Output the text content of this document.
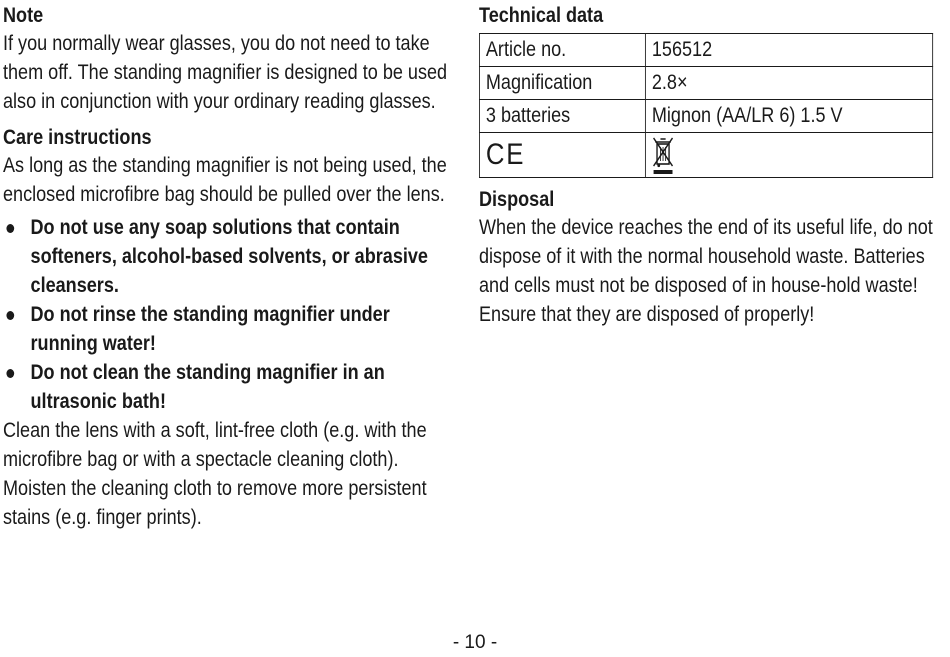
Note

If you normally wear glasses, you do not need to take them off. The standing magnifier is designed to be used also in conjunction with your ordinary reading glasses.

Care instructions

As long as the standing magnifier is not being used, the enclosed microfibre bag should be pulled over the lens.

Do not use any soap solutions that contain softeners, alcohol-based solvents, or abrasive cleansers.
Do not rinse the standing magnifier under running water!
Do not clean the standing magnifier in an ultrasonic bath!

Clean the lens with a soft, lint-free cloth (e.g. with the microfibre bag or with a spectacle cleaning cloth). Moisten the cleaning cloth to remove more persistent stains (e.g. finger prints).

Technical data

Article no.	156512
Magnification	2.8×
3 batteries	Mignon (AA/LR 6) 1.5 V
CE	

Disposal

When the device reaches the end of its useful life, do not dispose of it with the normal household waste. Batteries and cells must not be disposed of in house-hold waste! Ensure that they are disposed of properly!

- 10 -
